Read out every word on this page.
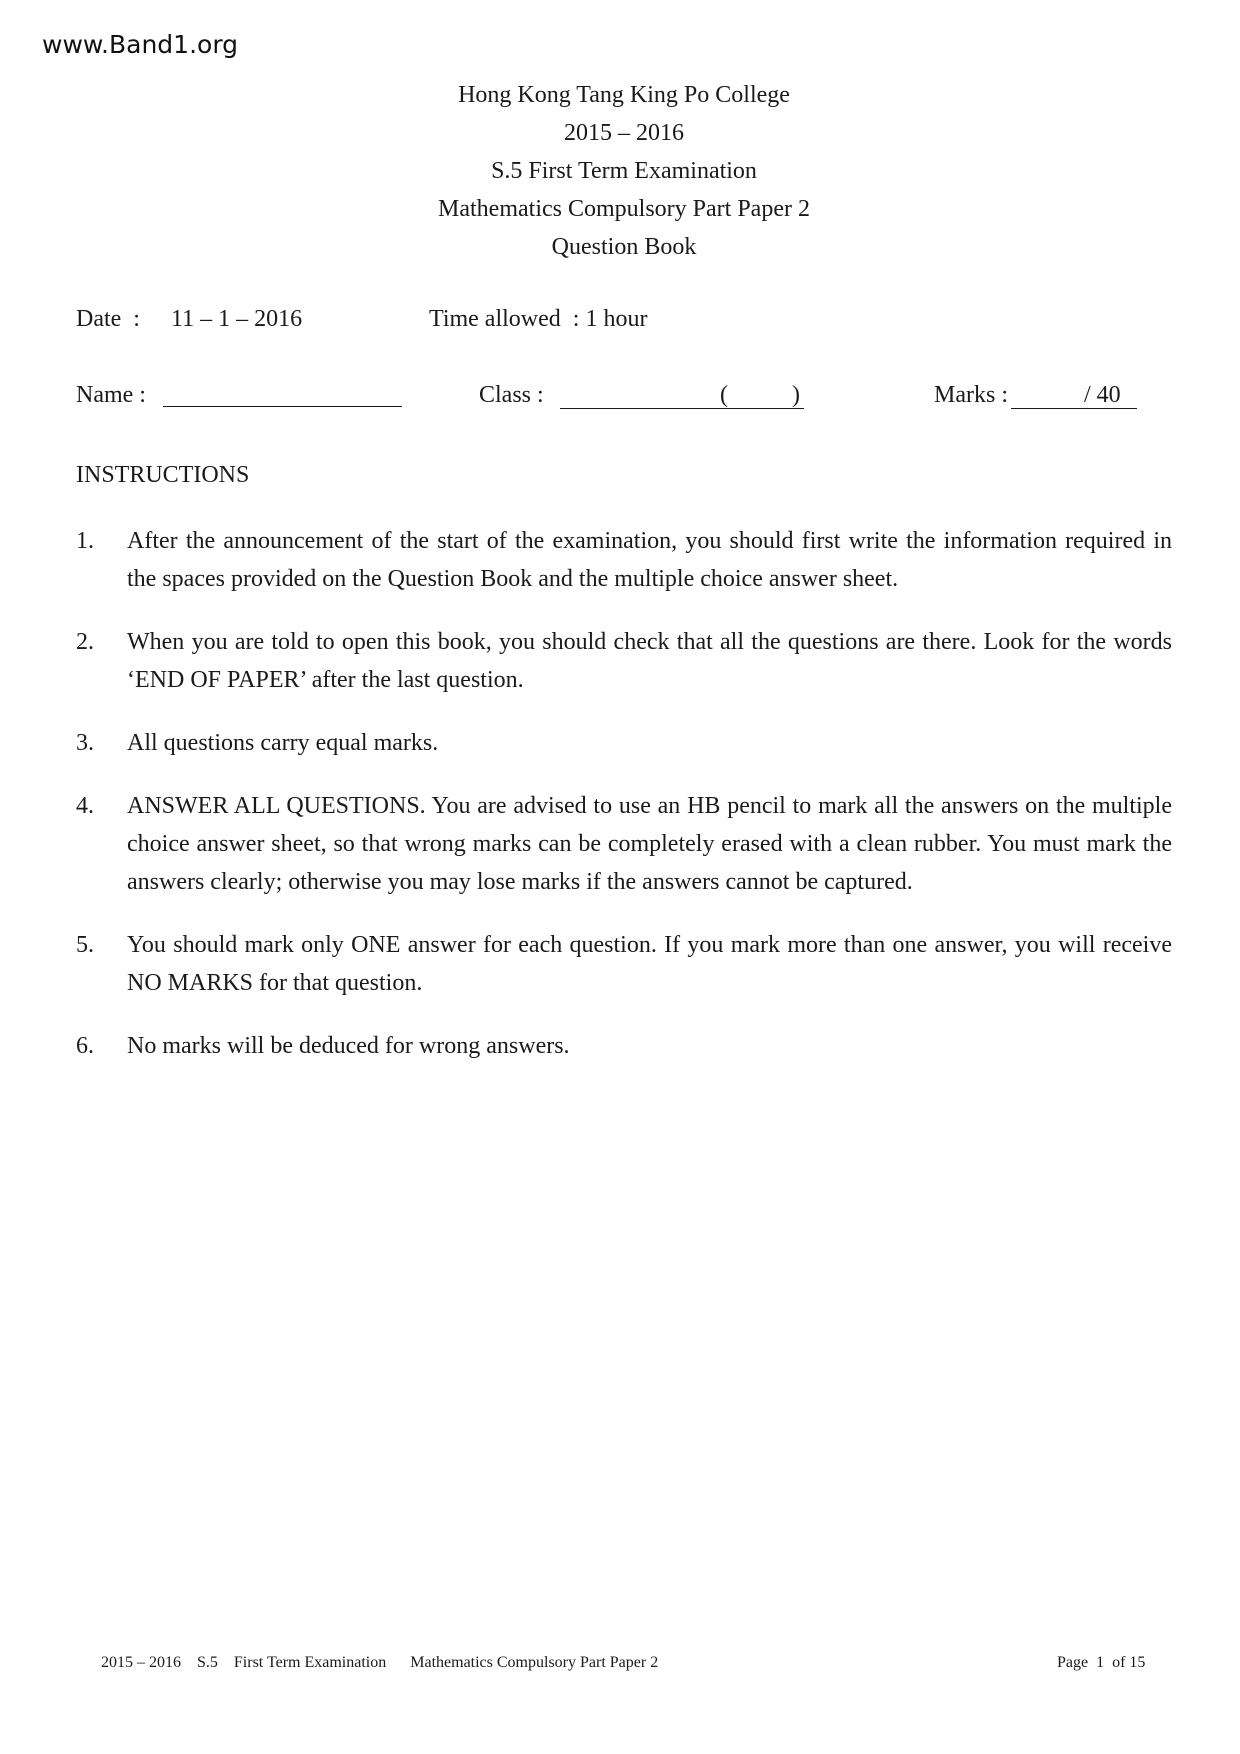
www.Band1.org
Hong Kong Tang King Po College
2015 – 2016
S.5 First Term Examination
Mathematics Compulsory Part Paper 2
Question Book
Date  : 11 – 1 – 2016	Time allowed  : 1 hour
Name :	Class :	(	)	Marks :	/ 40
INSTRUCTIONS
1.	After the announcement of the start of the examination, you should first write the information required in the spaces provided on the Question Book and the multiple choice answer sheet.
2.	When you are told to open this book, you should check that all the questions are there. Look for the words ‘END OF PAPER’ after the last question.
3.	All questions carry equal marks.
4.	ANSWER ALL QUESTIONS. You are advised to use an HB pencil to mark all the answers on the multiple choice answer sheet, so that wrong marks can be completely erased with a clean rubber. You must mark the answers clearly; otherwise you may lose marks if the answers cannot be captured.
5.	You should mark only ONE answer for each question. If you mark more than one answer, you will receive NO MARKS for that question.
6.	No marks will be deduced for wrong answers.
2015 – 2016    S.5    First Term Examination      Mathematics Compulsory Part Paper 2	Page  1  of 15
